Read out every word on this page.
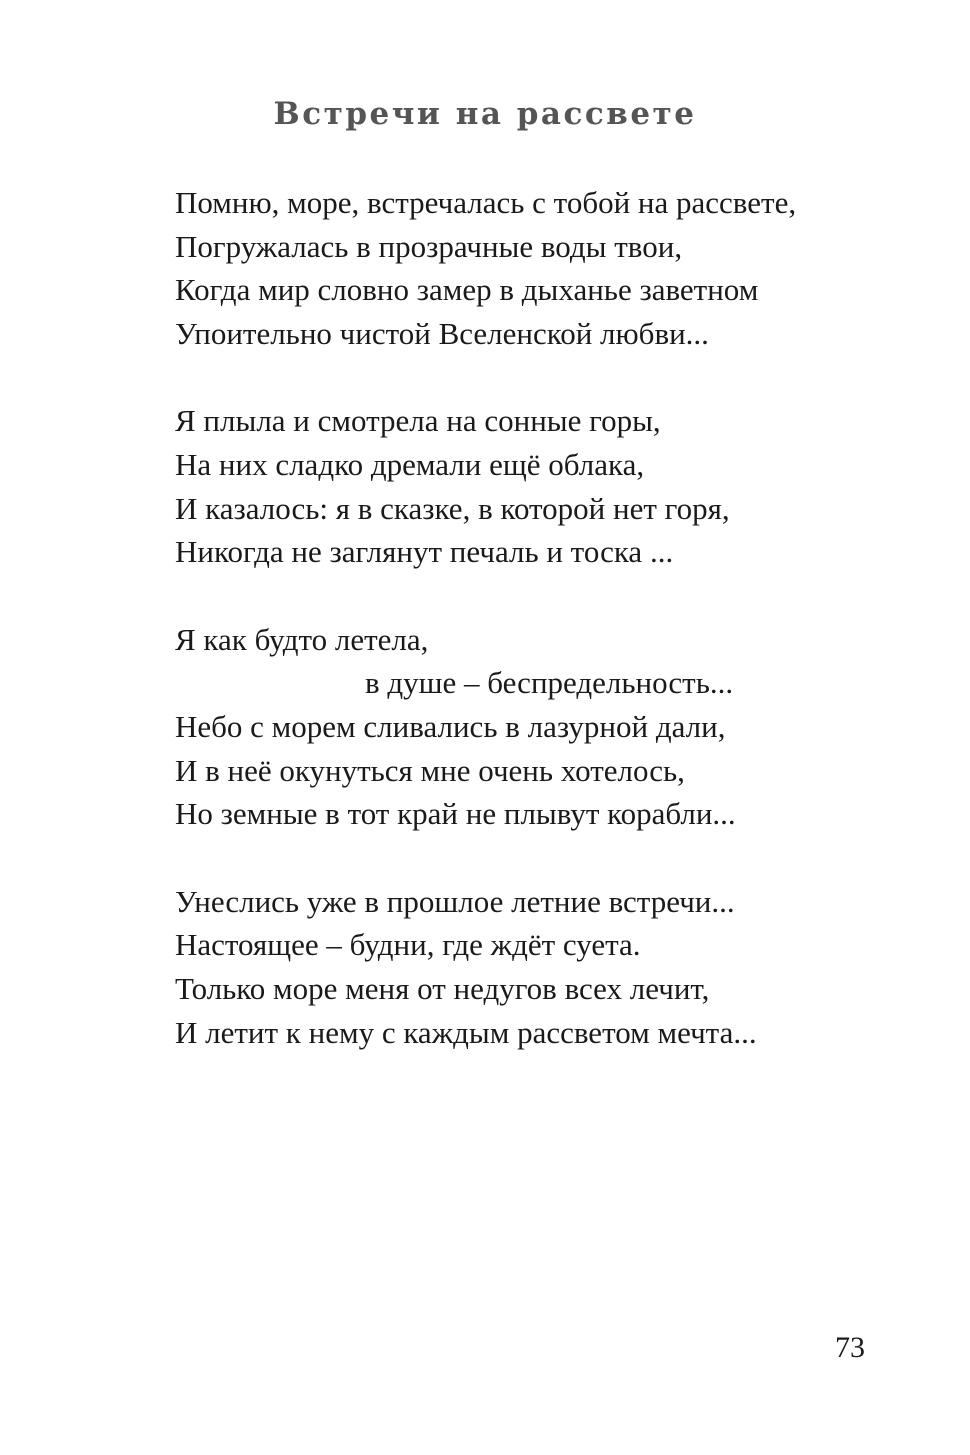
Встречи на рассвете
Помню, море, встречалась с тобой на рассвете,
Погружалась в прозрачные воды твои,
Когда мир словно замер в дыханье заветном
Упоительно чистой Вселенской любви...
Я плыла и смотрела на сонные горы,
На них сладко дремали ещё облака,
И казалось: я в сказке, в которой нет горя,
Никогда не заглянут печаль и тоска ...
Я как будто летела,
в душе – беспредельность...
Небо с морем сливались в лазурной дали,
И в неё окунуться мне очень хотелось,
Но земные в тот край не плывут корабли...
Унеслись уже в прошлое летние встречи...
Настоящее – будни, где ждёт суета.
Только море меня от недугов всех лечит,
И летит к нему с каждым рассветом мечта...
73
